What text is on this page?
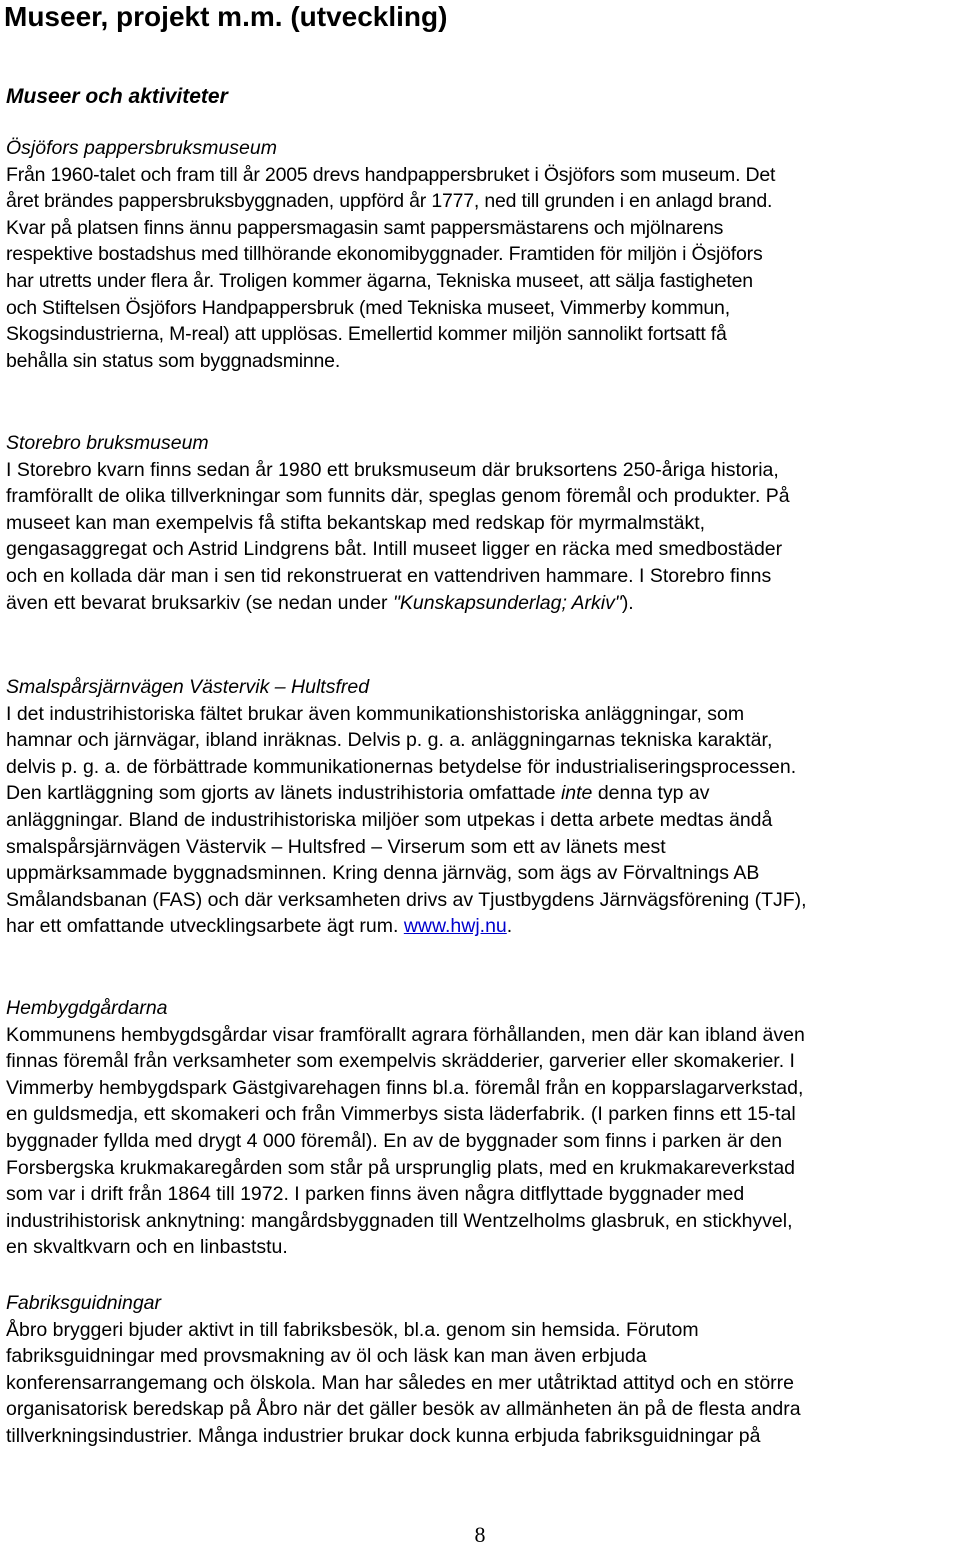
Museer, projekt m.m. (utveckling)
Museer och aktiviteter

Ösjöfors pappersbruksmuseum

Från 1960-talet och fram till år 2005 drevs handpappersbruket i Ösjöfors som museum. Det
året brändes pappersbruksbyggnaden, uppförd år 1777, ned till grunden i en anlagd brand.
Kvar på platsen finns ännu pappersmagasin samt pappersmästarens och mjölnarens
respektive bostadshus med tillhörande ekonomibyggnader. Framtiden för miljön i Ösjöfors
har utretts under flera år. Troligen kommer ägarna, Tekniska museet, att sälja fastigheten
och Stiftelsen Ösjöfors Handpappersbruk (med Tekniska museet, Vimmerby kommun,
Skogsindustrierna, M-real) att upplösas. Emellertid kommer miljön sannolikt fortsatt få
behålla sin status som byggnadsminne.

Storebro bruksmuseum

I Storebro kvarn finns sedan år 1980 ett bruksmuseum där bruksortens 250-åriga historia,
framförallt de olika tillverkningar som funnits där, speglas genom föremål och produkter. På
museet kan man exempelvis få stifta bekantskap med redskap för myrmalmstäkt,
gengasaggregat och Astrid Lindgrens båt. Intill museet ligger en räcka med smedbostäder
och en kollada där man i sen tid rekonstruerat en vattendriven hammare. I Storebro finns
även ett bevarat bruksarkiv (se nedan under "Kunskapsunderlag; Arkiv").

Smalspårsjärnvägen Västervik – Hultsfred

I det industrihistoriska fältet brukar även kommunikationshistoriska anläggningar, som
hamnar och järnvägar, ibland inräknas. Delvis p. g. a. anläggningarnas tekniska karaktär,
delvis p. g. a. de förbättrade kommunikationernas betydelse för industrialiseringsprocessen.
Den kartläggning som gjorts av länets industrihistoria omfattade inte denna typ av
anläggningar. Bland de industrihistoriska miljöer som utpekas i detta arbete medtas ändå
smalspårsjärnvägen Västervik – Hultsfred – Virserum som ett av länets mest
uppmärksammade byggnadsminnen. Kring denna järnväg, som ägs av Förvaltnings AB
Smålandsbanan (FAS) och där verksamheten drivs av Tjustbygdens Järnvägsförening (TJF),
har ett omfattande utvecklingsarbete ägt rum. www.hwj.nu.

Hembygdgårdarna

Kommunens hembygdsgårdar visar framförallt agrara förhållanden, men där kan ibland även
finnas föremål från verksamheter som exempelvis skrädderier, garverier eller skomakerier. I
Vimmerby hembygdspark Gästgivarehagen finns bl.a. föremål från en kopparslagarverkstad,
en guldsmedja, ett skomakeri och från Vimmerbys sista läderfabrik. (I parken finns ett 15-tal
byggnader fyllda med drygt 4 000 föremål). En av de byggnader som finns i parken är den
Forsbergska krukmakaregården som står på ursprunglig plats, med en krukmakareverkstad
som var i drift från 1864 till 1972. I parken finns även några ditflyttade byggnader med
industrihistorisk anknytning: mangårdsbyggnaden till Wentzelholms glasbruk, en stickhyvel,
en skvaltkvarn och en linbaststu.

Fabriksguidningar

Åbro bryggeri bjuder aktivt in till fabriksbesök, bl.a. genom sin hemsida. Förutom
fabriksguidningar med provsmakning av öl och läsk kan man även erbjuda
konferensarrangemang och ölskola. Man har således en mer utåtriktad attityd och en större
organisatorisk beredskap på Åbro när det gäller besök av allmänheten än på de flesta andra
tillverkningsindustrier. Många industrier brukar dock kunna erbjuda fabriksguidningar på

8
